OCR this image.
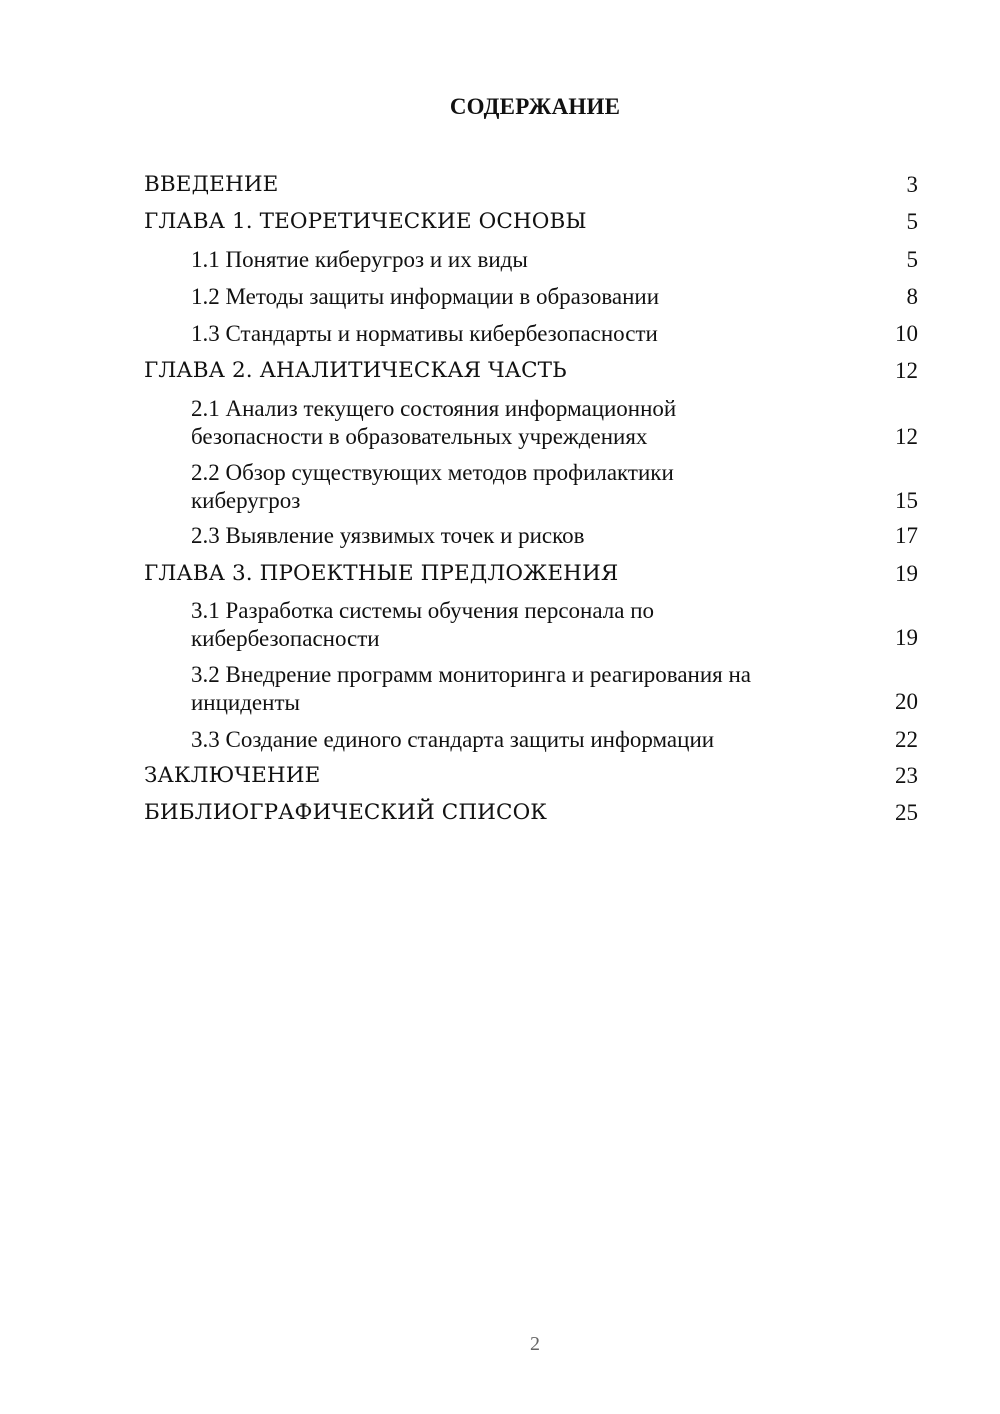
СОДЕРЖАНИЕ
ВВЕДЕНИЕ	3
ГЛАВА 1. ТЕОРЕТИЧЕСКИЕ ОСНОВЫ	5
1.1 Понятие киберугроз и их виды	5
1.2 Методы защиты информации в образовании	8
1.3 Стандарты и нормативы кибербезопасности	10
ГЛАВА 2. АНАЛИТИЧЕСКАЯ ЧАСТЬ	12
2.1 Анализ текущего состояния информационной
безопасности в образовательных учреждениях	12
2.2 Обзор существующих методов профилактики
киберугроз	15
2.3 Выявление уязвимых точек и рисков	17
ГЛАВА 3. ПРОЕКТНЫЕ ПРЕДЛОЖЕНИЯ	19
3.1 Разработка системы обучения персонала по
кибербезопасности	19
3.2 Внедрение программ мониторинга и реагирования на
инциденты	20
3.3 Создание единого стандарта защиты информации	22
ЗАКЛЮЧЕНИЕ	23
БИБЛИОГРАФИЧЕСКИЙ СПИСОК	25
2
